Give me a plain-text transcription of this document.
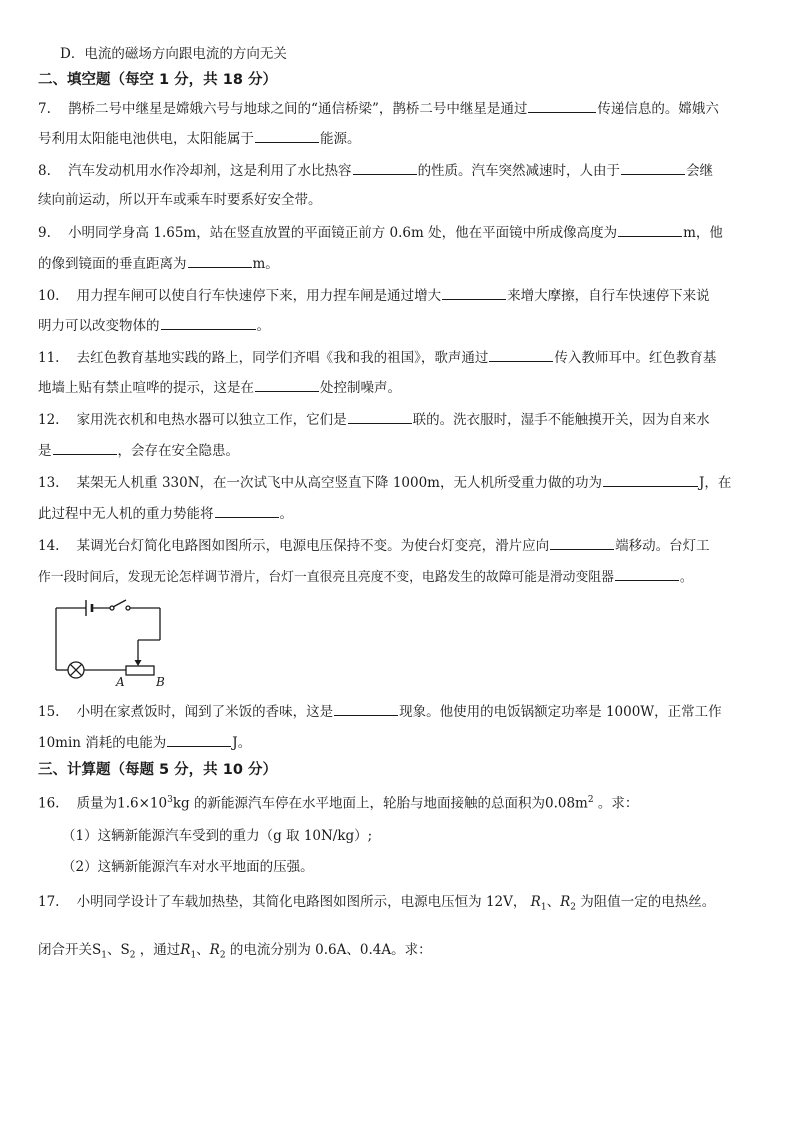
D．电流的磁场方向跟电流的方向无关
二、填空题（每空 1 分，共 18 分）
7. 鹊桥二号中继星是嫦娥六号与地球之间的“通信桥梁”，鹊桥二号中继星是通过	传递信息的。嫦娥六
号利用太阳能电池供电，太阳能属于	能源。
8. 汽车发动机用水作冷却剂，这是利用了水比热容	的性质。汽车突然减速时，人由于	会继
续向前运动，所以开车或乘车时要系好安全带。
9. 小明同学身高 1.65m，站在竖直放置的平面镜正前方 0.6m 处，他在平面镜中所成像高度为	m，他
的像到镜面的垂直距离为	m。
10. 用力捏车闸可以使自行车快速停下来，用力捏车闸是通过增大	来增大摩擦，自行车快速停下来说
明力可以改变物体的	。
11. 去红色教育基地实践的路上，同学们齐唱《我和我的祖国》，歌声通过	传入教师耳中。红色教育基
地墙上贴有禁止喧哗的提示，这是在	处控制噪声。
12. 家用洗衣机和电热水器可以独立工作，它们是	联的。洗衣服时，湿手不能触摸开关，因为自来水
是	，会存在安全隐患。
13. 某架无人机重 330N，在一次试飞中从高空竖直下降 1000m，无人机所受重力做的功为	J，在
此过程中无人机的重力势能将	。
14. 某调光台灯简化电路图如图所示，电源电压保持不变。为使台灯变亮，滑片应向	端移动。台灯工
作一段时间后，发现无论怎样调节滑片，台灯一直很亮且亮度不变，电路发生的故障可能是滑动变阻器	。
A	B
15. 小明在家煮饭时，闻到了米饭的香味，这是	现象。他使用的电饭锅额定功率是 1000W，正常工作
10min 消耗的电能为	J。
三、计算题（每题 5 分，共 10 分）
16. 质量为$1.6\times 10^3kg$ 的新能源汽车停在水平地面上，轮胎与地面接触的总面积为$0.08m^2$ 。求：
（1）这辆新能源汽车受到的重力（g 取 10N/kg）;
（2）这辆新能源汽车对水平地面的压强。
17. 小明同学设计了车载加热垫，其简化电路图如图所示，电源电压恒为 12V， $R_1$、$R_2$ 为阻值一定的电热丝。
闭合开关$S_1$、$S_2$ ，通过$R_1$、$R_2$ 的电流分别为 0.6A、0.4A。求：
